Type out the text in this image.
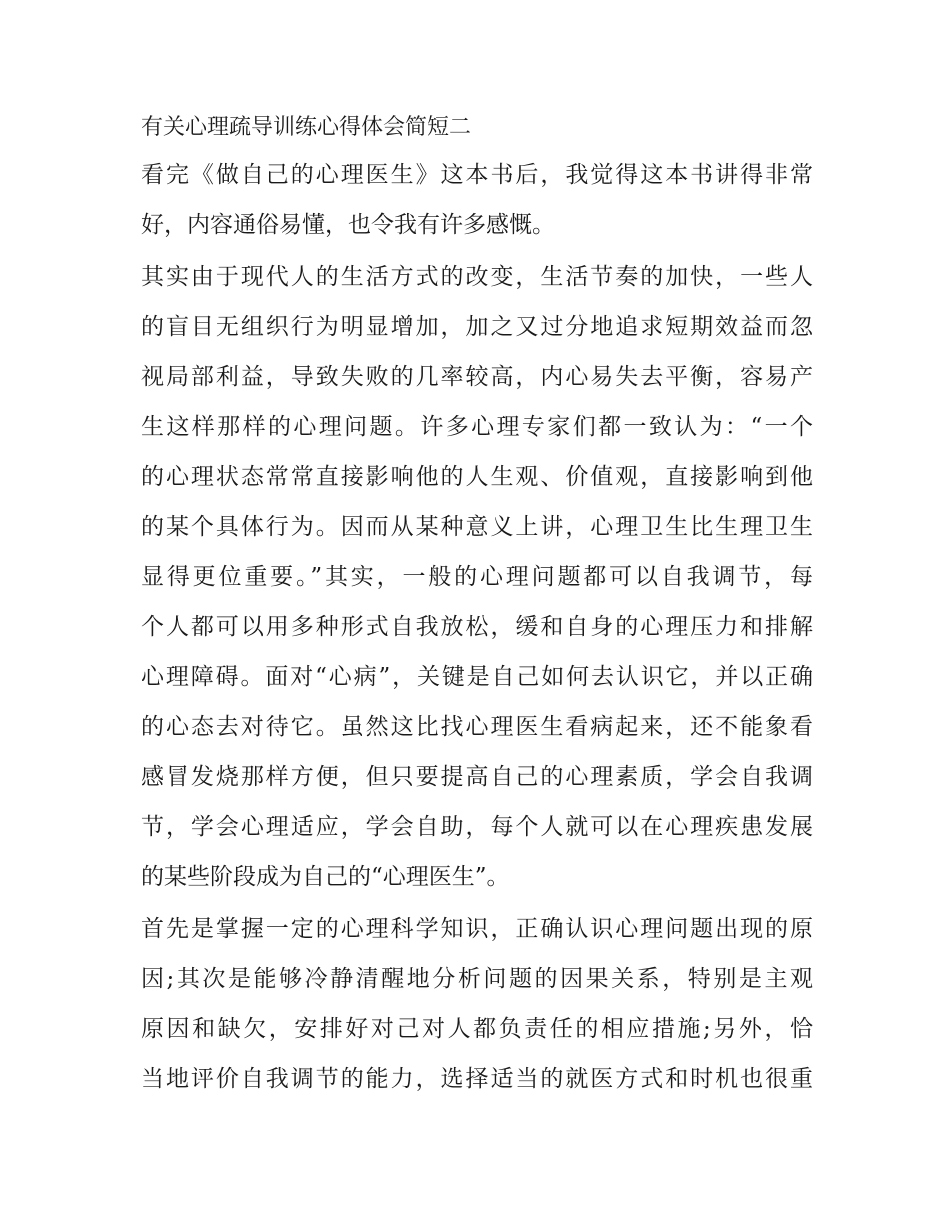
有关心理疏导训练心得体会简短二
看完《做自己的心理医生》这本书后，我觉得这本书讲得非常
好，内容通俗易懂，也令我有许多感慨。
其实由于现代人的生活方式的改变，生活节奏的加快，一些人
的盲目无组织行为明显增加，加之又过分地追求短期效益而忽
视局部利益，导致失败的几率较高，内心易失去平衡，容易产
生这样那样的心理问题。许多心理专家们都一致认为：“一个
的心理状态常常直接影响他的人生观、价值观，直接影响到他
的某个具体行为。因而从某种意义上讲，心理卫生比生理卫生
显得更位重要。”其实，一般的心理问题都可以自我调节，每
个人都可以用多种形式自我放松，缓和自身的心理压力和排解
心理障碍。面对“心病”，关键是自己如何去认识它，并以正确
的心态去对待它。虽然这比找心理医生看病起来，还不能象看
感冒发烧那样方便，但只要提高自己的心理素质，学会自我调
节，学会心理适应，学会自助，每个人就可以在心理疾患发展
的某些阶段成为自己的“心理医生”。
首先是掌握一定的心理科学知识，正确认识心理问题出现的原
因;其次是能够冷静清醒地分析问题的因果关系，特别是主观
原因和缺欠，安排好对己对人都负责任的相应措施;另外，恰
当地评价自我调节的能力，选择适当的就医方式和时机也很重
